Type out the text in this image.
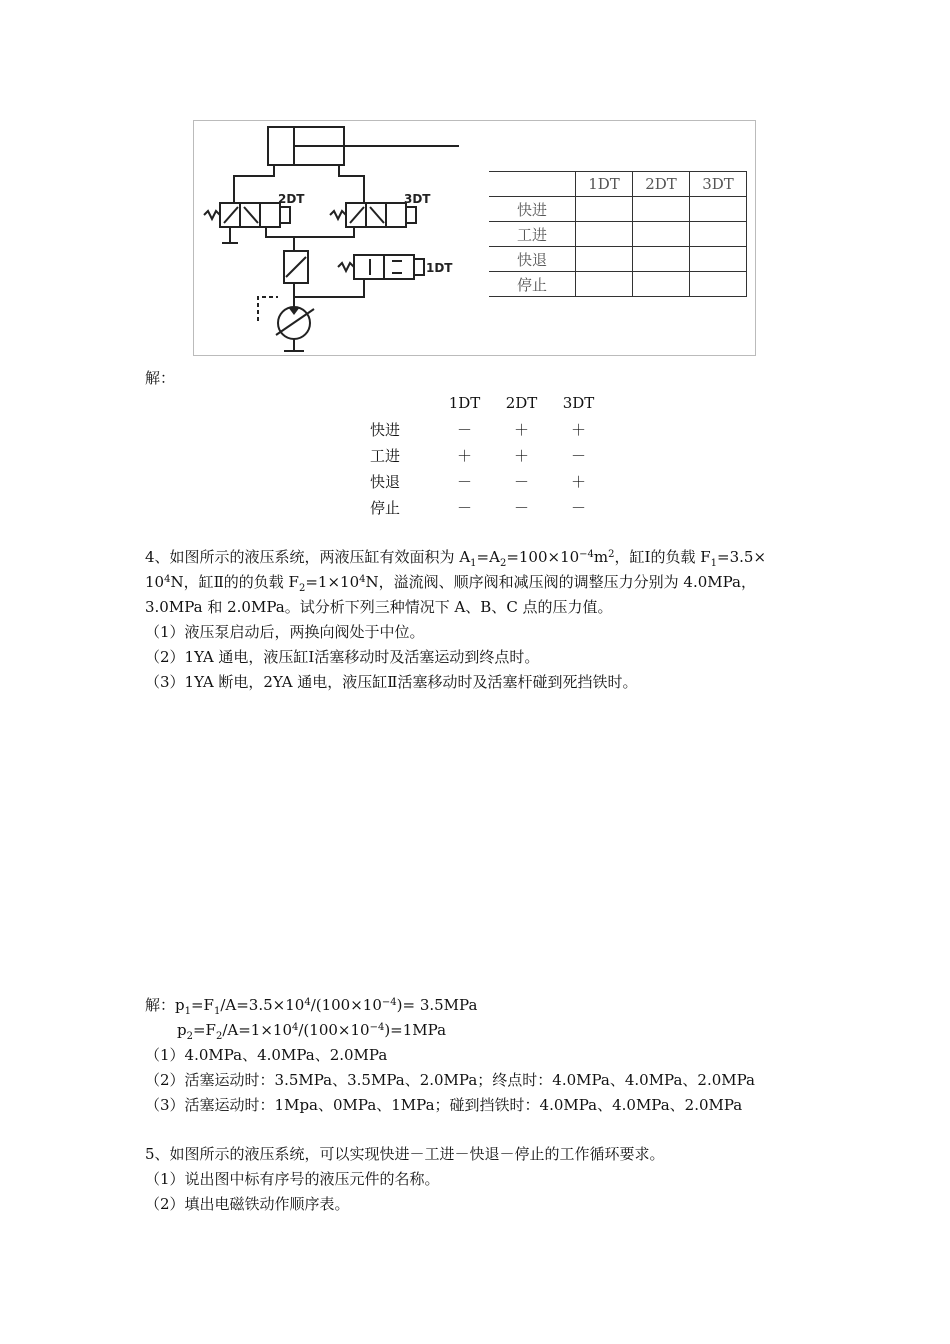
2DT	3DT
1DT
	1DT	2DT	3DT
快进			
工进			
快退			
停止			
解：
	1DT	2DT	3DT
快进	－	＋	＋
工进	＋	＋	－
快退	－	－	＋
停止	－	－	－
4、如图所示的液压系统，两液压缸有效面积为 $A_1=A_2=100\times 10^{-4}m^2$，缸Ⅰ的负载 $F_1=3.5\times$
$10^4N$，缸Ⅱ的的负载 $F_2=1\times 10^4N$，溢流阀、顺序阀和减压阀的调整压力分别为 4.0MPa，
3.0MPa 和 2.0MPa。试分析下列三种情况下 A、B、C 点的压力值。
（1）液压泵启动后，两换向阀处于中位。
（2）1YA 通电，液压缸Ⅰ活塞移动时及活塞运动到终点时。
（3）1YA 断电，2YA 通电，液压缸Ⅱ活塞移动时及活塞杆碰到死挡铁时。
解：$p_1=F_1/A=3.5\times 10^4/(100\times 10^{-4})= 3.5MPa$
$p_2=F_2/A=1\times 10^4/(100\times 10^{-4})=1MPa$
（1）4.0MPa、4.0MPa、2.0MPa
（2）活塞运动时：3.5MPa、3.5MPa、2.0MPa；终点时：4.0MPa、4.0MPa、2.0MPa
（3）活塞运动时：1Mpa、0MPa、1MPa；碰到挡铁时：4.0MPa、4.0MPa、2.0MPa
5、如图所示的液压系统，可以实现快进－工进－快退－停止的工作循环要求。
（1）说出图中标有序号的液压元件的名称。
（2）填出电磁铁动作顺序表。
